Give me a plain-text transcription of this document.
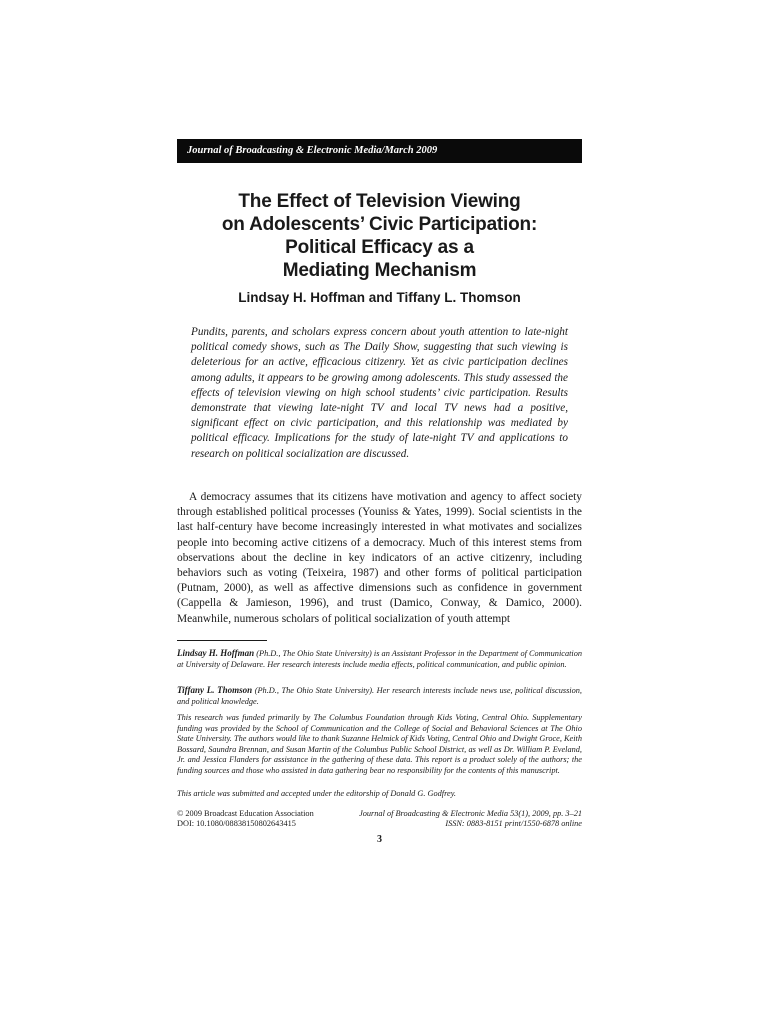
Journal of Broadcasting & Electronic Media/March 2009
The Effect of Television Viewing
on Adolescents’ Civic Participation:
Political Efficacy as a
Mediating Mechanism
Lindsay H. Hoffman and Tiffany L. Thomson

Pundits, parents, and scholars express concern about youth attention to late-night political comedy shows, such as The Daily Show, suggesting that such viewing is deleterious for an active, efficacious citizenry. Yet as civic participation declines among adults, it appears to be growing among adolescents. This study assessed the effects of television viewing on high school students’ civic participation. Results demonstrate that viewing late-night TV and local TV news had a positive, significant effect on civic participation, and this relationship was mediated by political efficacy. Implications for the study of late-night TV and applications to research on political socialization are discussed.

A democracy assumes that its citizens have motivation and agency to affect society through established political processes (Youniss & Yates, 1999). Social scientists in the last half-century have become increasingly interested in what motivates and socializes people into becoming active citizens of a democracy. Much of this interest stems from observations about the decline in key indicators of an active citizenry, including behaviors such as voting (Teixeira, 1987) and other forms of political participation (Putnam, 2000), as well as affective dimensions such as confidence in government (Cappella & Jamieson, 1996), and trust (Damico, Conway, & Damico, 2000). Meanwhile, numerous scholars of political socialization of youth attempt

Lindsay H. Hoffman (Ph.D., The Ohio State University) is an Assistant Professor in the Department of Communication at University of Delaware. Her research interests include media effects, political communication, and public opinion.

Tiffany L. Thomson (Ph.D., The Ohio State University). Her research interests include news use, political discussion, and political knowledge.

This research was funded primarily by The Columbus Foundation through Kids Voting, Central Ohio. Supplementary funding was provided by the School of Communication and the College of Social and Behavioral Sciences at The Ohio State University. The authors would like to thank Suzanne Helmick of Kids Voting, Central Ohio and Dwight Groce, Keith Bossard, Saundra Brennan, and Susan Martin of the Columbus Public School District, as well as Dr. William P. Eveland, Jr. and Jessica Flanders for assistance in the gathering of these data. This report is a product solely of the authors; the funding sources and those who assisted in data gathering bear no responsibility for the contents of this manuscript.

This article was submitted and accepted under the editorship of Donald G. Godfrey.

© 2009 Broadcast Education Association	Journal of Broadcasting & Electronic Media 53(1), 2009, pp. 3–21
DOI: 10.1080/08838150802643415	ISSN: 0883-8151 print/1550-6878 online
3
